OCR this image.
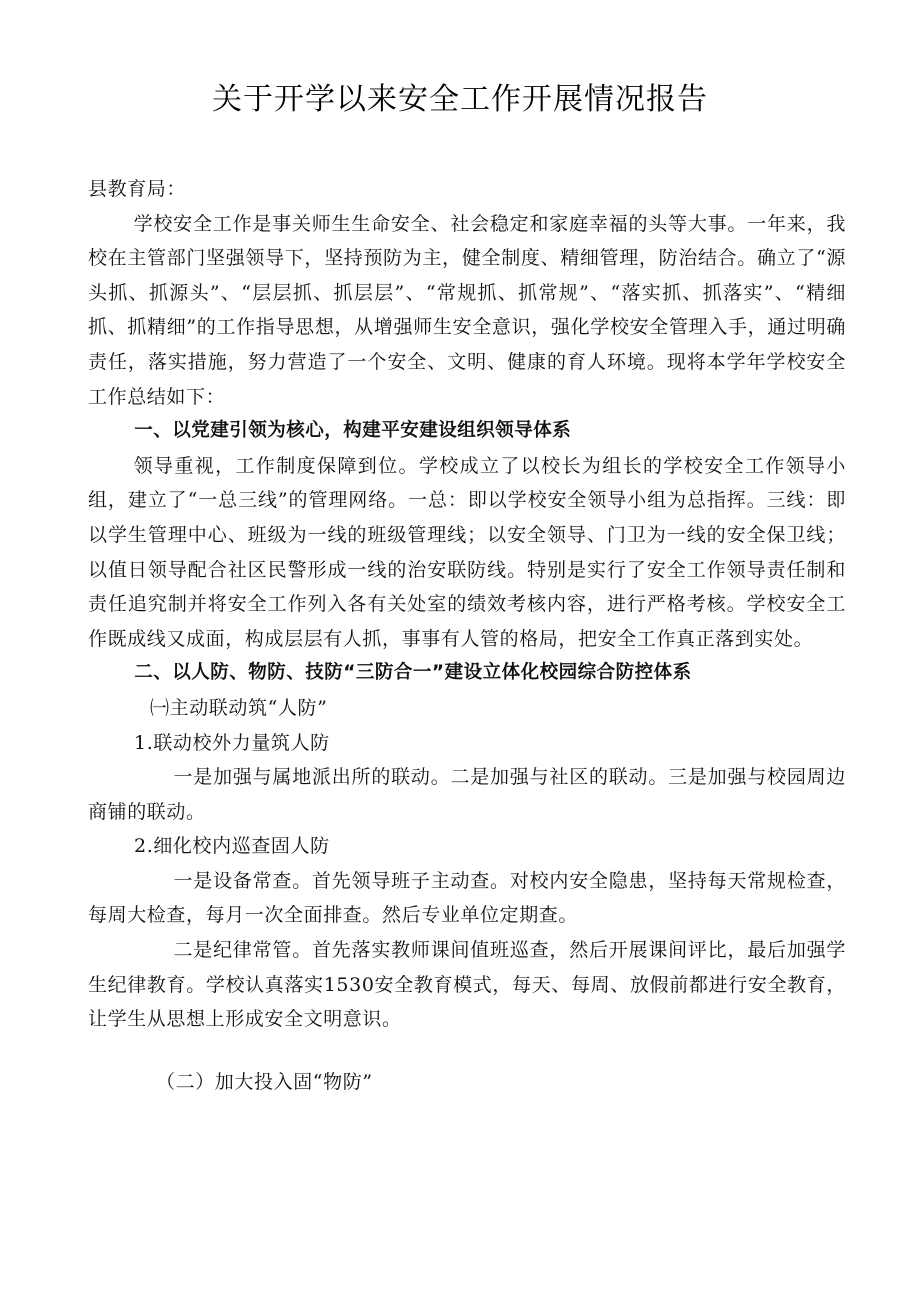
关于开学以来安全工作开展情况报告

县教育局：

学校安全工作是事关师生生命安全、社会稳定和家庭幸福的头等大事。一年来，我校在主管部门坚强领导下，坚持预防为主，健全制度、精细管理，防治结合。确立了“源头抓、抓源头”、“层层抓、抓层层”、“常规抓、抓常规”、“落实抓、抓落实”、“精细抓、抓精细”的工作指导思想，从增强师生安全意识，强化学校安全管理入手，通过明确责任，落实措施，努力营造了一个安全、文明、健康的育人环境。现将本学年学校安全工作总结如下：

一、以党建引领为核心，构建平安建设组织领导体系

领导重视，工作制度保障到位。学校成立了以校长为组长的学校安全工作领导小组，建立了“一总三线”的管理网络。一总：即以学校安全领导小组为总指挥。三线：即以学生管理中心、班级为一线的班级管理线；以安全领导、门卫为一线的安全保卫线；以值日领导配合社区民警形成一线的治安联防线。特别是实行了安全工作领导责任制和责任追究制并将安全工作列入各有关处室的绩效考核内容，进行严格考核。学校安全工作既成线又成面，构成层层有人抓，事事有人管的格局，把安全工作真正落到实处。

二、以人防、物防、技防“三防合一”建设立体化校园综合防控体系

㈠主动联动筑“人防”

1.联动校外力量筑人防

一是加强与属地派出所的联动。二是加强与社区的联动。三是加强与校园周边商铺的联动。

2.细化校内巡查固人防

一是设备常查。首先领导班子主动查。对校内安全隐患，坚持每天常规检查，每周大检查，每月一次全面排查。然后专业单位定期查。

二是纪律常管。首先落实教师课间值班巡查，然后开展课间评比，最后加强学生纪律教育。学校认真落实1530安全教育模式，每天、每周、放假前都进行安全教育，让学生从思想上形成安全文明意识。

（二）加大投入固“物防”
